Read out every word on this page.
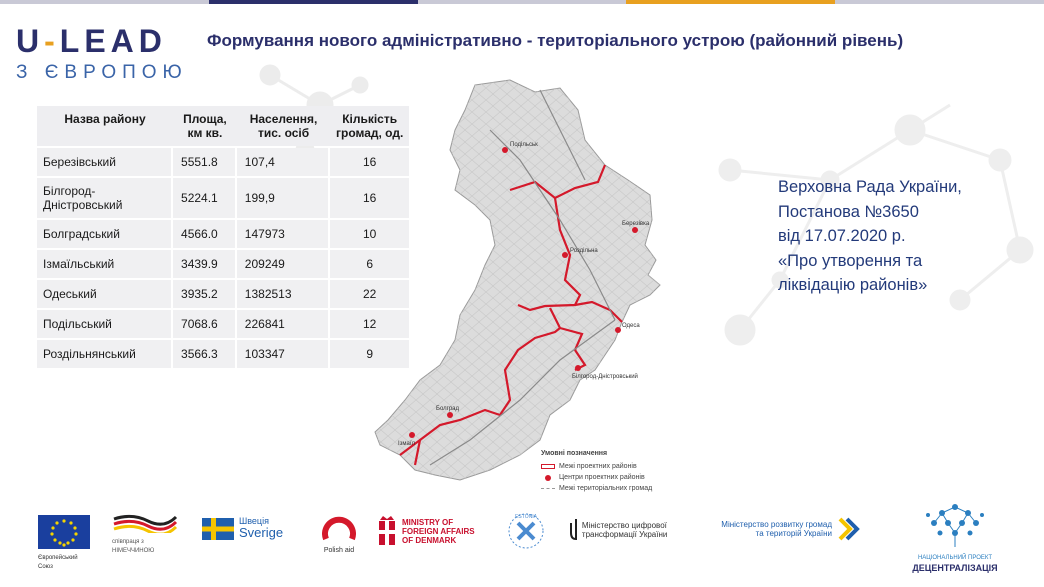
U-LEAD
З ЄВРОПОЮ
Формування нового адміністративно - територіального устрою (районний рівень)
Назва району	Площа, км кв.	Населення, тис. осіб	Кількість громад, од.
Березівський	5551.8	107,4	16
Білгород-Дністровський	5224.1	199,9	16
Болградський	4566.0	147973	10
Ізмаїльський	3439.9	209249	6
Одеський	3935.2	1382513	22
Подільський	7068.6	226841	12
Роздільнянський	3566.3	103347	9
Подільськ
Роздільна
Березівка
Одеса
Ізмаїл
Болград
Білгород-Дністровський
Умовні позначення
Межі проектних районів
Центри проектних районів
Межі територіальних громад
Верховна Рада України,
Постанова №3650
від 17.07.2020 р.
«Про утворення та
ліквідацію районів»
Європейський Союз
співпраця з НІМЕЧЧИНОЮ
Швеція
Sverige
Polish aid
MINISTRY OF FOREIGN AFFAIRS OF DENMARK
ESTONIA
Міністерство цифрової трансформації України
Міністерство розвитку громад та територій України
НАЦІОНАЛЬНИЙ ПРОЕКТ
ДЕЦЕНТРАЛІЗАЦІЯ
